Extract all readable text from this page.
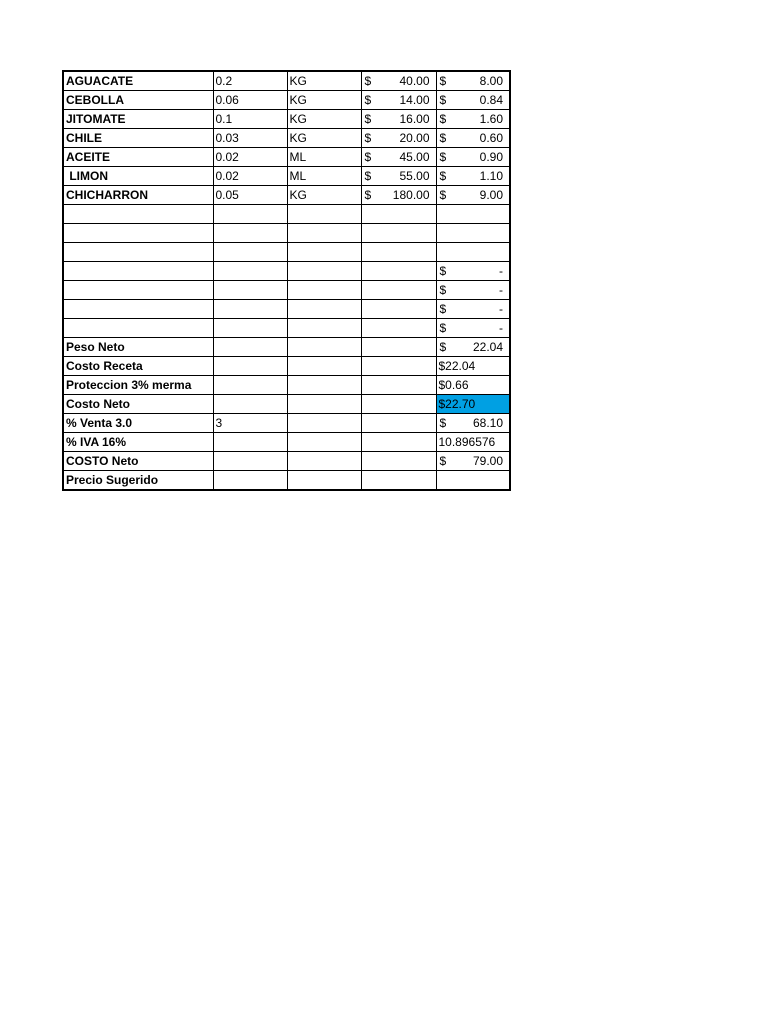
AGUACATE	0.2	KG	$ 40.00	$ 8.00

CEBOLLA	0.06	KG	$ 14.00	$ 0.84

JITOMATE	0.1	KG	$ 16.00	$ 1.60

CHILE	0.03	KG	$ 20.00	$ 0.60

ACEITE	0.02	ML	$ 45.00	$ 0.90

LIMON	0.02	ML	$ 55.00	$ 1.10

CHICHARRON	0.05	KG	$ 180.00	$ 9.00

				$ -

				$ -

				$ -

				$ -

Peso Neto				$ 22.04

Costo Receta				$22.04
Proteccion 3% merma				$0.66
Costo Neto				$22.70
% Venta 3.0	3			$ 68.10

% IVA 16%				10.896576
COSTO Neto				$ 79.00

Precio Sugerido				
